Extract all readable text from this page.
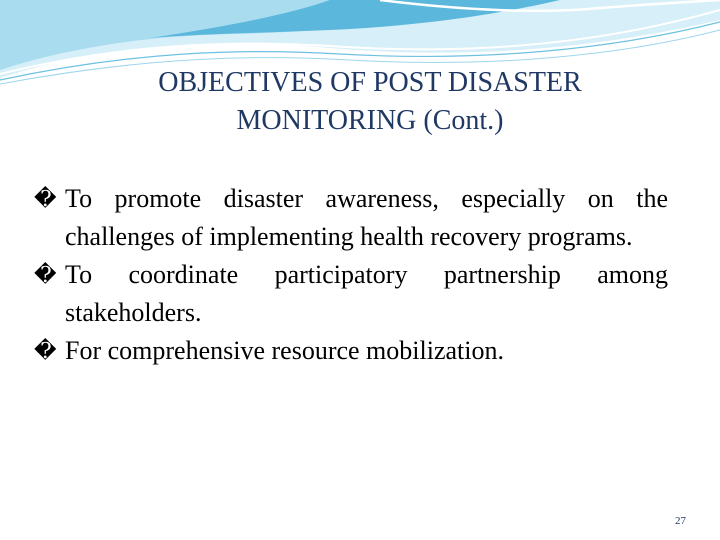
OBJECTIVES OF POST DISASTER
MONITORING (Cont.)
� To promote disaster awareness, especially on the challenges of implementing health recovery programs.
� To coordinate participatory partnership among stakeholders.
� For comprehensive resource mobilization.
27
